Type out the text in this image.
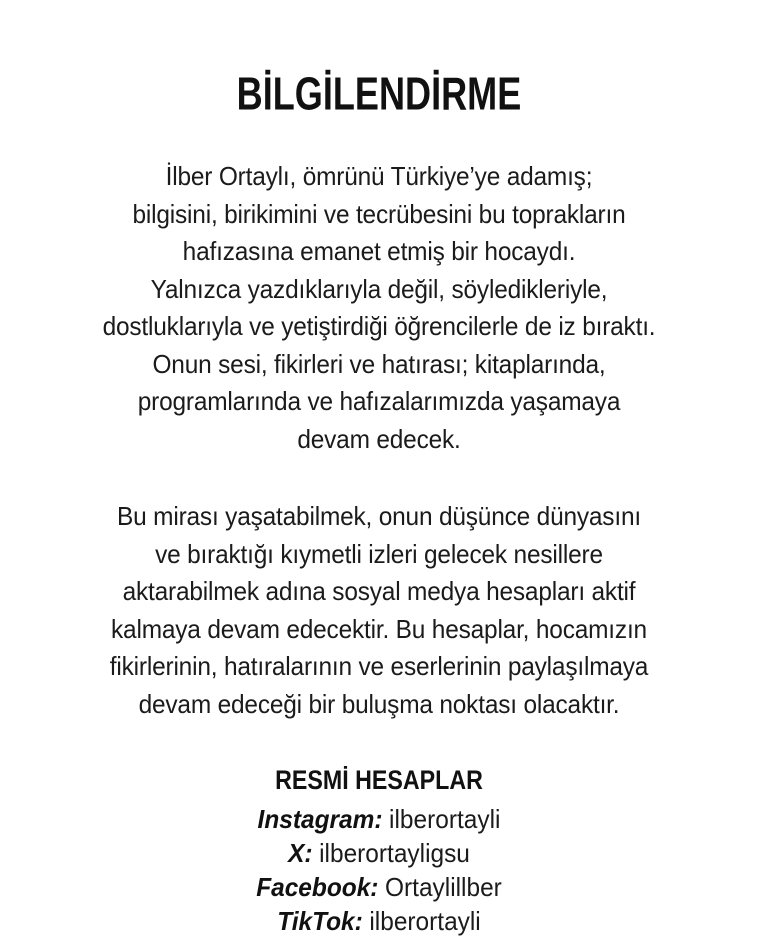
BİLGİLENDİRME
İlber Ortaylı, ömrünü Türkiye’ye adamış;
bilgisini, birikimini ve tecrübesini bu toprakların
hafızasına emanet etmiş bir hocaydı.
Yalnızca yazdıklarıyla değil, söyledikleriyle,
dostluklarıyla ve yetiştirdiği öğrencilerle de iz bıraktı.
Onun sesi, fikirleri ve hatırası; kitaplarında,
programlarında ve hafızalarımızda yaşamaya
devam edecek.
Bu mirası yaşatabilmek, onun düşünce dünyasını
ve bıraktığı kıymetli izleri gelecek nesillere
aktarabilmek adına sosyal medya hesapları aktif
kalmaya devam edecektir. Bu hesaplar, hocamızın
fikirlerinin, hatıralarının ve eserlerinin paylaşılmaya
devam edeceği bir buluşma noktası olacaktır.
RESMİ HESAPLAR
Instagram: ilberortayli
X: ilberortayligsu
Facebook: Ortaylillber
TikTok: ilberortayli
